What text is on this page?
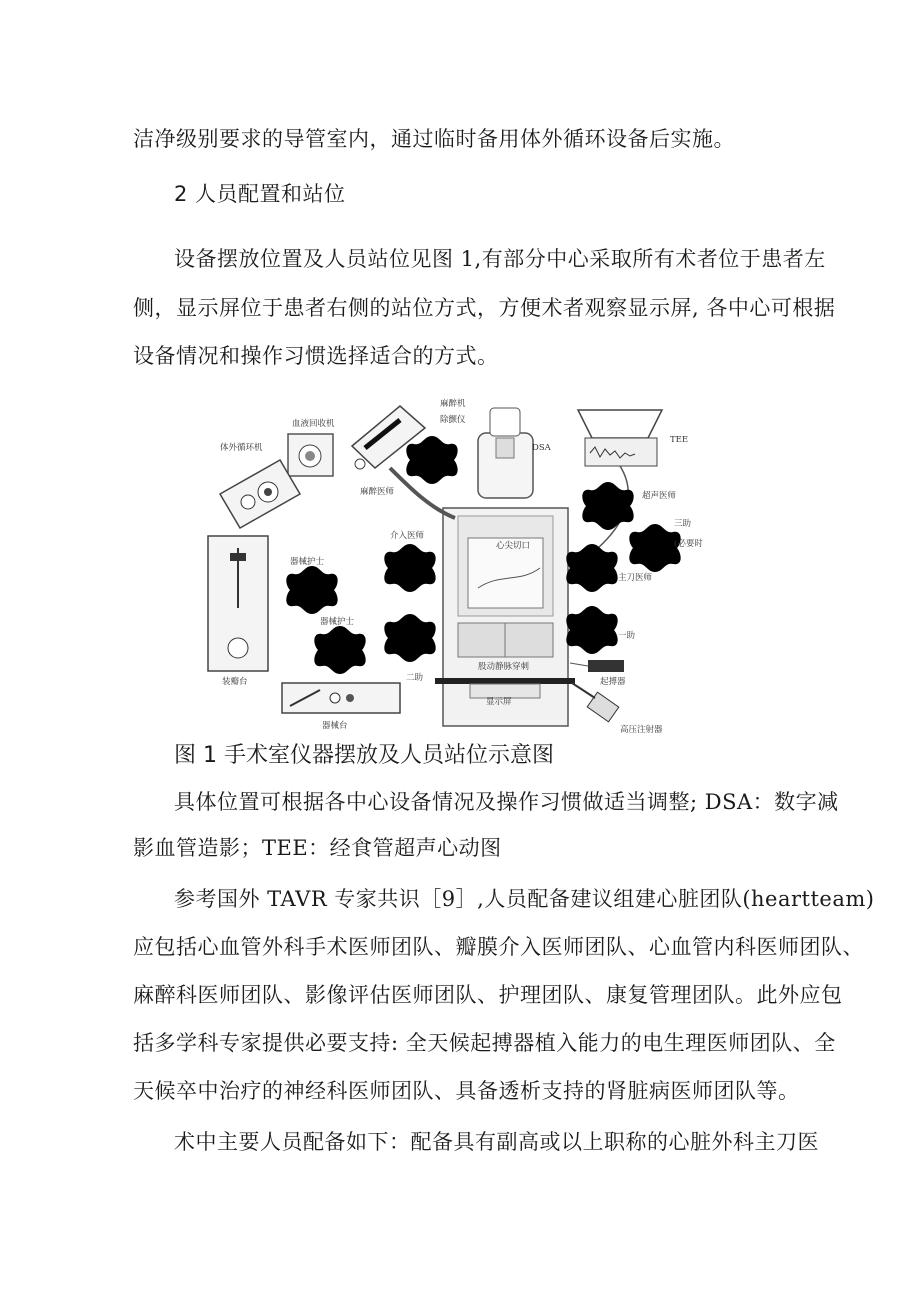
洁净级别要求的导管室内，通过临时备用体外循环设备后实施。
2 人员配置和站位
设备摆放位置及人员站位见图 1,有部分中心采取所有术者位于患者左
侧，显示屏位于患者右侧的站位方式，方便术者观察显示屏, 各中心可根据
设备情况和操作习惯选择适合的方式。
麻醉机
除颤仪
血液回收机
体外循环机	DSA
TEE
超声医师
三助
(必要时
主刀医师
一助
麻醉医师
介入医师
心尖切口
器械护士
器械护士
二助
股动静脉穿刺
起搏器
显示屏
高压注射器
器械台
装瓣台
图 1 手术室仪器摆放及人员站位示意图
具体位置可根据各中心设备情况及操作习惯做适当调整; DSA：数字减
影血管造影；TEE：经食管超声心动图
参考国外 TAVR 专家共识［9］,人员配备建议组建心脏团队(heartteam)
应包括心血管外科手术医师团队、瓣膜介入医师团队、心血管内科医师团队、
麻醉科医师团队、影像评估医师团队、护理团队、康复管理团队。此外应包
括多学科专家提供必要支持: 全天候起搏器植入能力的电生理医师团队、全
天候卒中治疗的神经科医师团队、具备透析支持的肾脏病医师团队等。
术中主要人员配备如下：配备具有副高或以上职称的心脏外科主刀医
